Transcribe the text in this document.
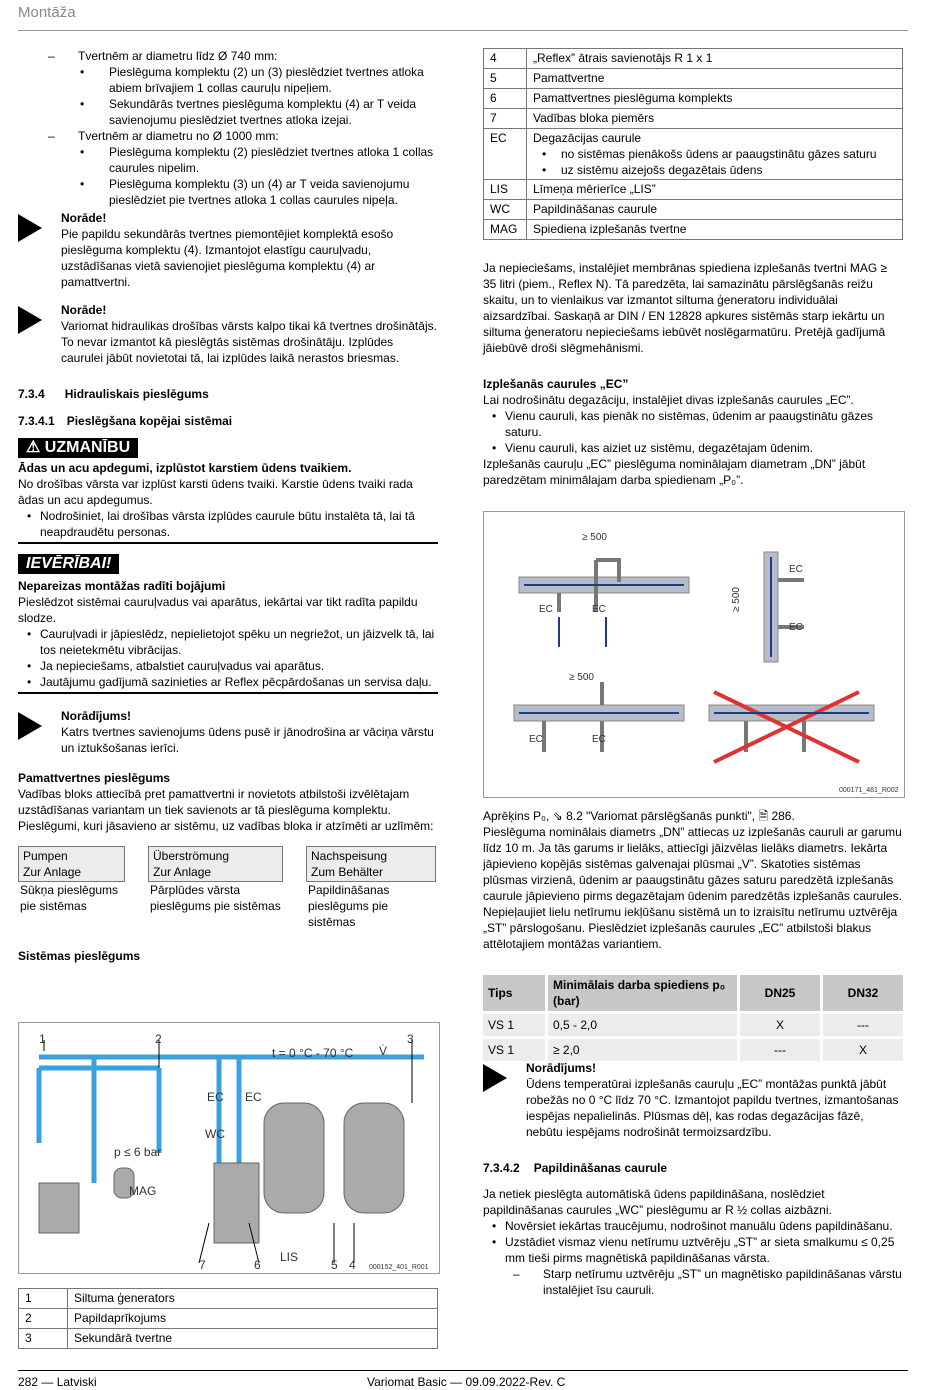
Montāža

– Tvertnēm ar diametru līdz Ø 740 mm:

• Pieslēguma komplektu (2) un (3) pieslēdziet tvertnes atloka abiem brīvajiem 1 collas cauruļu nipeļiem.

• Sekundārās tvertnes pieslēguma komplektu (4) ar T veida savienojumu pieslēdziet tvertnes atloka izejai.

– Tvertnēm ar diametru no Ø 1000 mm:

• Pieslēguma komplektu (2) pieslēdziet tvertnes atloka 1 collas caurules nipelim.

• Pieslēguma komplektu (3) un (4) ar T veida savienojumu pieslēdziet pie tvertnes atloka 1 collas caurules nipeļa.

Norāde!

Pie papildu sekundārās tvertnes piemontējiet komplektā esošo pieslēguma komplektu (4). Izmantojot elastīgu cauruļvadu, uzstādīšanas vietā savienojiet pieslēguma komplektu (4) ar pamattvertni.

Norāde!

Variomat hidraulikas drošības vārsts kalpo tikai kā tvertnes drošinātājs. To nevar izmantot kā pieslēgtās sistēmas drošinātāju. Izplūdes caurulei jābūt novietotai tā, lai izplūdes laikā nerastos briesmas.

7.3.4 Hidrauliskais pieslēgums

7.3.4.1 Pieslēgšana kopējai sistēmai

⚠ UZMANĪBU

Ādas un acu apdegumi, izplūstot karstiem ūdens tvaikiem.

No drošības vārsta var izplūst karsti ūdens tvaiki. Karstie ūdens tvaiki rada ādas un acu apdegumus.

• Nodrošiniet, lai drošības vārsta izplūdes caurule būtu instalēta tā, lai tā neapdraudētu personas.

IEVĒRĪBAI!

Nepareizas montāžas radīti bojājumi

Pieslēdzot sistēmai cauruļvadus vai aparātus, iekārtai var tikt radīta papildu slodze.

• Cauruļvadi ir jāpieslēdz, nepielietojot spēku un negriežot, un jāizvelk tā, lai tos neietekmētu vibrācijas.

• Ja nepieciešams, atbalstiet cauruļvadus vai aparātus.

• Jautājumu gadījumā sazinieties ar Reflex pēcpārdošanas un servisa daļu.

Norādījums!

Katrs tvertnes savienojums ūdens pusē ir jānodrošina ar vāciņa vārstu un iztukšošanas ierīci.

Pamattvertnes pieslēgums

Vadības bloks attiecībā pret pamattvertni ir novietots atbilstoši izvēlētajam uzstādīšanas variantam un tiek savienots ar tā pieslēguma komplektu.

Pieslēgumi, kuri jāsavieno ar sistēmu, uz vadības bloka ir atzīmēti ar uzlīmēm:

Pumpen
Zur Anlage
Sūkņa pieslēgums pie sistēmas
Überströmung
Zur Anlage
Pārplūdes vārsta pieslēgums pie sistēmas
Nachspeisung
Zum Behälter
Papildināšanas pieslēgums pie sistēmas

Sistēmas pieslēgums

1	2	3
t = 0 °C - 70 °C V̇
EC EC
WC
p ≤ 6 bar
MAG
LIS
7	6	5 4 000152_401_R001
1	Siltuma ģenerators
2	Papildaprīkojums
3	Sekundārā tvertne
4	„Reflex” ātrais savienotājs R 1 x 1
5	Pamattvertne
6	Pamattvertnes pieslēguma komplekts
7	Vadības bloka piemērs
EC	Degazācijas caurule
• no sistēmas pienākošs ūdens ar paaugstinātu gāzes saturu
• uz sistēmu aizejošs degazētais ūdens

LIS	Līmeņa mērierīce „LIS”
WC	Papildināšanas caurule
MAG	Spiediena izplešanās tvertne

Ja nepieciešams, instalējiet membrānas spiediena izplešanās tvertni MAG ≥ 35 litri (piem., Reflex N). Tā paredzēta, lai samazinātu pārslēgšanās reižu skaitu, un to vienlaikus var izmantot siltuma ģeneratoru individuālai aizsardzībai. Saskaņā ar DIN / EN 12828 apkures sistēmās starp iekārtu un siltuma ģeneratoru nepieciešams iebūvēt noslēgarmatūru. Pretējā gadījumā jāiebūvē droši slēgmehānismi.

Izplešanās caurules „EC”

Lai nodrošinātu degazāciju, instalējiet divas izplešanās caurules „EC”.

• Vienu cauruli, kas pienāk no sistēmas, ūdenim ar paaugstinātu gāzes saturu.

• Vienu cauruli, kas aiziet uz sistēmu, degazētajam ūdenim.

Izplešanās cauruļu „EC” pieslēguma nominālajam diametram „DN” jābūt paredzētam minimālajam darba spiedienam „P₀”.

≥ 500
≥ 500
≥ 500
EC	EC
EC
EC
EC	EC
000171_481_R002

Aprēķins P₀, ⇘ 8.2 "Variomat pārslēgšanās punkti", 🗎 286.

Pieslēguma nominālais diametrs „DN” attiecas uz izplešanās cauruli ar garumu līdz 10 m. Ja tās garums ir lielāks, attiecīgi jāizvēlas lielāks diametrs. Iekārta jāpievieno kopējās sistēmas galvenajai plūsmai „V”. Skatoties sistēmas plūsmas virzienā, ūdenim ar paaugstinātu gāzes saturu paredzētā izplešanās caurule jāpievieno pirms degazētajam ūdenim paredzētās izplešanās caurules. Nepieļaujiet lielu netīrumu iekļūšanu sistēmā un to izraisītu netīrumu uztvērēja „ST” pārslogošanu. Pieslēdziet izplešanās caurules „EC” atbilstoši blakus attēlotajiem montāžas variantiem.

Tips	Minimālais darba spiediens p₀ (bar)	DN25	DN32
VS 1	0,5 - 2,0	X	---
VS 1	≥ 2,0	---	X

Norādījums!

Ūdens temperatūrai izplešanās cauruļu „EC” montāžas punktā jābūt robežās no 0 °C līdz 70 °C. Izmantojot papildu tvertnes, izmantošanas iespējas nepalielinās. Plūsmas dēļ, kas rodas degazācijas fāzē, nebūtu iespējams nodrošināt termoizsardzību.

7.3.4.2 Papildināšanas caurule

Ja netiek pieslēgta automātiskā ūdens papildināšana, noslēdziet papildināšanas caurules „WC” pieslēgumu ar R ½ collas aizbāzni.

• Novērsiet iekārtas traucējumu, nodrošinot manuālu ūdens papildināšanu.

• Uzstādiet vismaz vienu netīrumu uztvērēju „ST” ar sieta smalkumu ≤ 0,25 mm tieši pirms magnētiskā papildināšanas vārsta.

– Starp netīrumu uztvērēju „ST” un magnētisko papildināšanas vārstu instalējiet īsu cauruli.

282 — Latviski	Variomat Basic — 09.09.2022-Rev. C
